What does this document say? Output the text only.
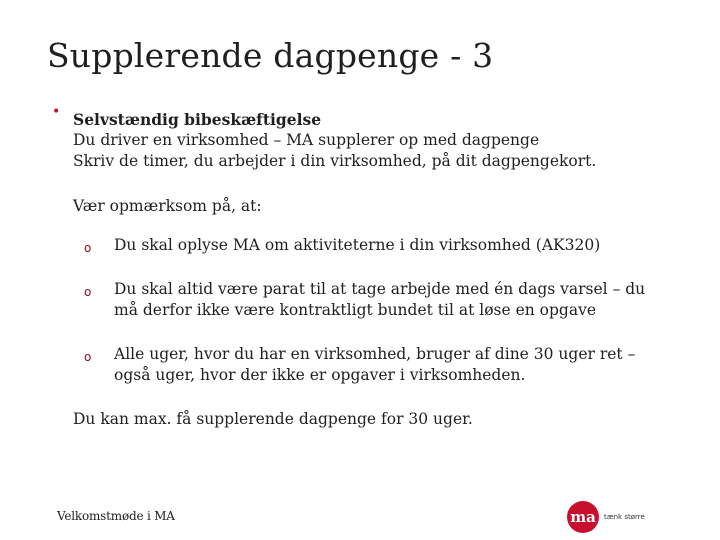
Supplerende dagpenge - 3
• Selvstændig bibeskæftigelse

Du driver en virksomhed – MA supplerer op med dagpenge

Skriv de timer, du arbejder i din virksomhed, på dit dagpengekort.

Vær opmærksom på, at:

o Du skal oplyse MA om aktiviteterne i din virksomhed (AK320)
o Du skal altid være parat til at tage arbejde med én dags varsel – du må derfor ikke være kontraktligt bundet til at løse en opgave
o Alle uger, hvor du har en virksomhed, bruger af dine 30 uger ret – også uger, hvor der ikke er opgaver i virksomheden.

Du kan max. få supplerende dagpenge for 30 uger.

Velkomstmøde i MA	ma tænk større
